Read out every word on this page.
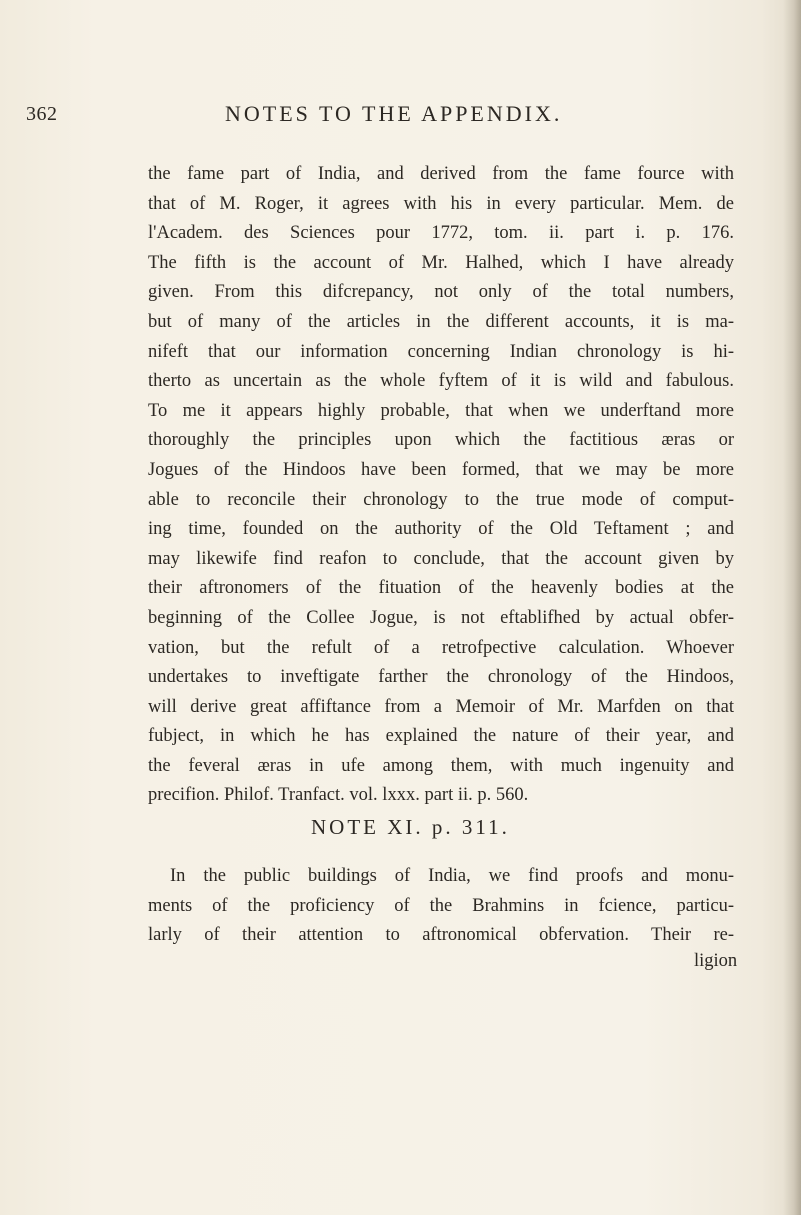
362	NOTES TO THE APPENDIX.
the fame part of India, and derived from the fame fource with
that of M. Roger, it agrees with his in every particular. Mem. de
l'Academ. des Sciences pour 1772, tom. ii. part i. p. 176.
The fifth is the account of Mr. Halhed, which I have already
given. From this difcrepancy, not only of the total numbers,
but of many of the articles in the different accounts, it is ma-
nifeft that our information concerning Indian chronology is hi-
therto as uncertain as the whole fyftem of it is wild and fabulous.
To me it appears highly probable, that when we underftand more
thoroughly the principles upon which the factitious æras or
Jogues of the Hindoos have been formed, that we may be more
able to reconcile their chronology to the true mode of comput-
ing time, founded on the authority of the Old Teftament ; and
may likewife find reafon to conclude, that the account given by
their aftronomers of the fituation of the heavenly bodies at the
beginning of the Collee Jogue, is not eftablifhed by actual obfer-
vation, but the refult of a retrofpective calculation. Whoever
undertakes to inveftigate farther the chronology of the Hindoos,
will derive great affiftance from a Memoir of Mr. Marfden on that
fubject, in which he has explained the nature of their year, and
the feveral æras in ufe among them, with much ingenuity and
precifion. Philof. Tranfact. vol. lxxx. part ii. p. 560.
NOTE XI. p. 311.
In the public buildings of India, we find proofs and monu-
ments of the proficiency of the Brahmins in fcience, particu-
larly of their attention to aftronomical obfervation. Their re-
ligion
